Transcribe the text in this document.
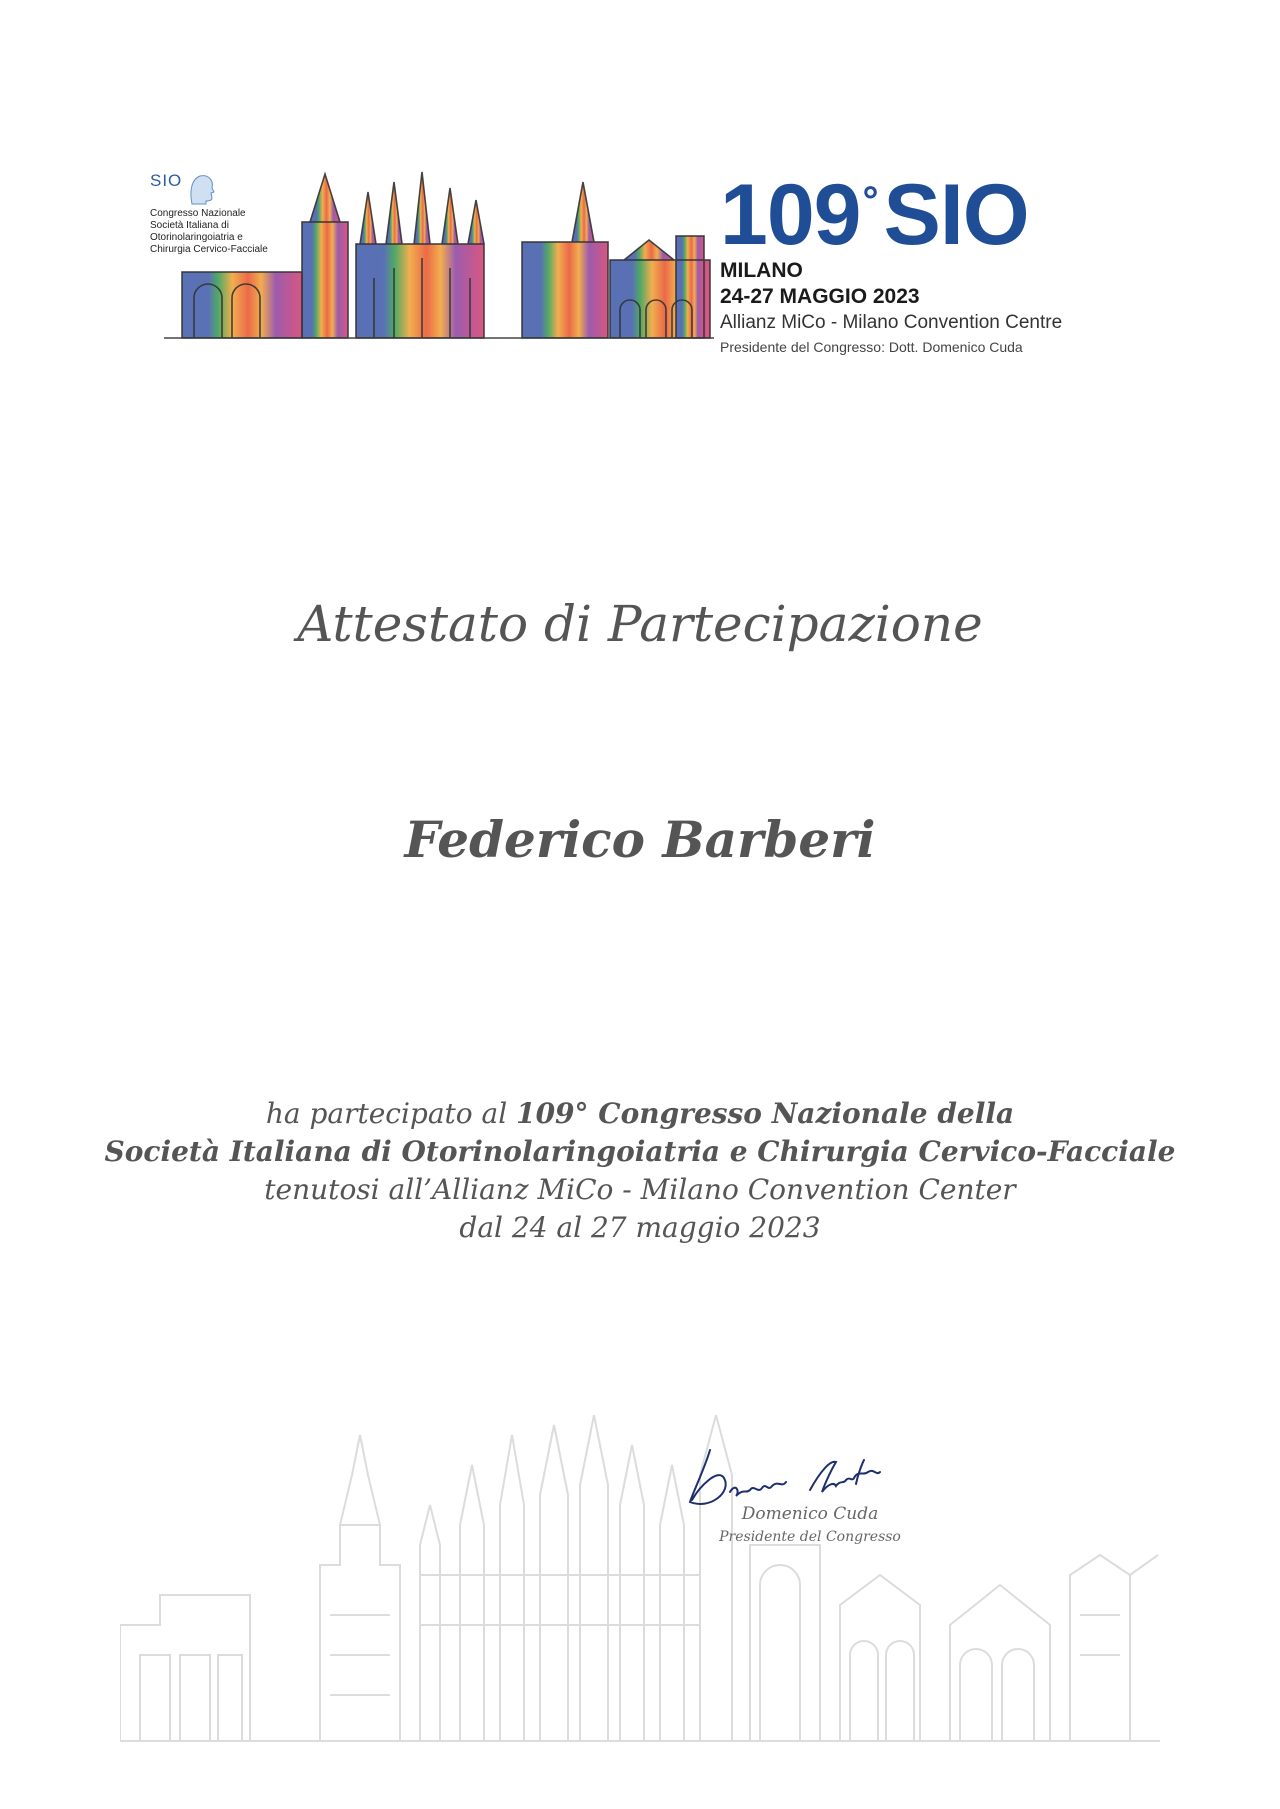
SIO
Congresso Nazionale
Società Italiana di
Otorinolaringoiatria e
Chirurgia Cervico-Facciale	109°SIO
MILANO
24-27 MAGGIO 2023
Allianz MiCo - Milano Convention Centre
Presidente del Congresso: Dott. Domenico Cuda
Attestato di Partecipazione
Federico Barberi
ha partecipato al 109° Congresso Nazionale della
Società Italiana di Otorinolaringoiatria e Chirurgia Cervico-Facciale
tenutosi all’Allianz MiCo - Milano Convention Center
dal 24 al 27 maggio 2023
Domenico Cuda
Presidente del Congresso
